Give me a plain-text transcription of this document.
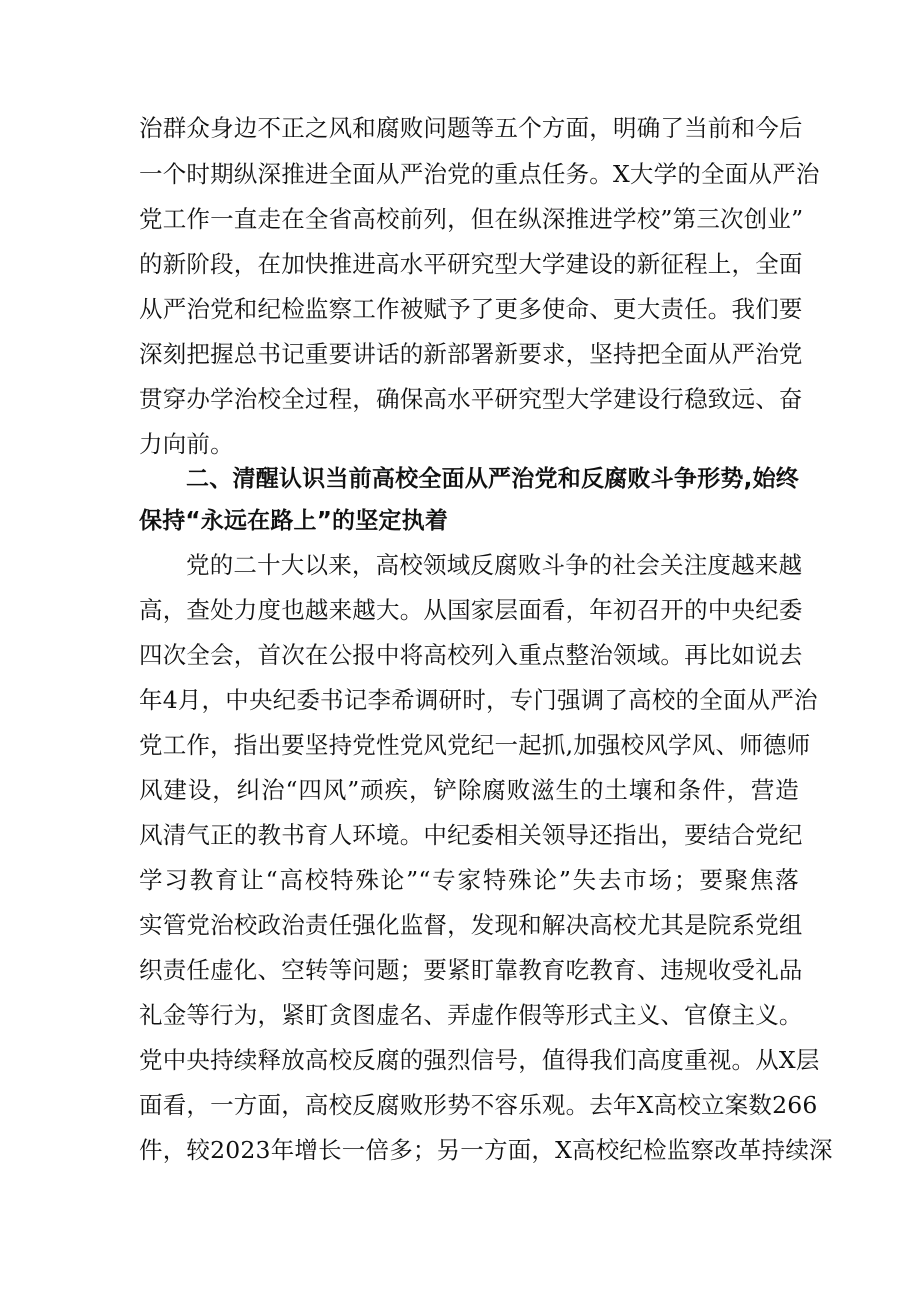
治群众身边不正之风和腐败问题等五个方面，明确了当前和今后
一个时期纵深推进全面从严治党的重点任务。X大学的全面从严治
党工作一直走在全省高校前列，但在纵深推进学校”第三次创业”
的新阶段，在加快推进高水平研究型大学建设的新征程上，全面
从严治党和纪检监察工作被赋予了更多使命、更大责任。我们要
深刻把握总书记重要讲话的新部署新要求，坚持把全面从严治党
贯穿办学治校全过程，确保高水平研究型大学建设行稳致远、奋
力向前。
二、清醒认识当前高校全面从严治党和反腐败斗争形势,始终
保持“永远在路上”的坚定执着
党的二十大以来，高校领域反腐败斗争的社会关注度越来越
高，查处力度也越来越大。从国家层面看，年初召开的中央纪委
四次全会，首次在公报中将高校列入重点整治领域。再比如说去
年4月，中央纪委书记李希调研时，专门强调了高校的全面从严治
党工作，指出要坚持党性党风党纪一起抓,加强校风学风、师德师
风建设，纠治“四风”顽疾，铲除腐败滋生的土壤和条件，营造
风清气正的教书育人环境。中纪委相关领导还指出，要结合党纪
学习教育让“高校特殊论”“专家特殊论”失去市场；要聚焦落
实管党治校政治责任强化监督，发现和解决高校尤其是院系党组
织责任虚化、空转等问题；要紧盯靠教育吃教育、违规收受礼品
礼金等行为，紧盯贪图虚名、弄虚作假等形式主义、官僚主义。
党中央持续释放高校反腐的强烈信号，值得我们高度重视。从X层
面看，一方面，高校反腐败形势不容乐观。去年X高校立案数266
件，较2023年增长一倍多；另一方面，X高校纪检监察改革持续深
